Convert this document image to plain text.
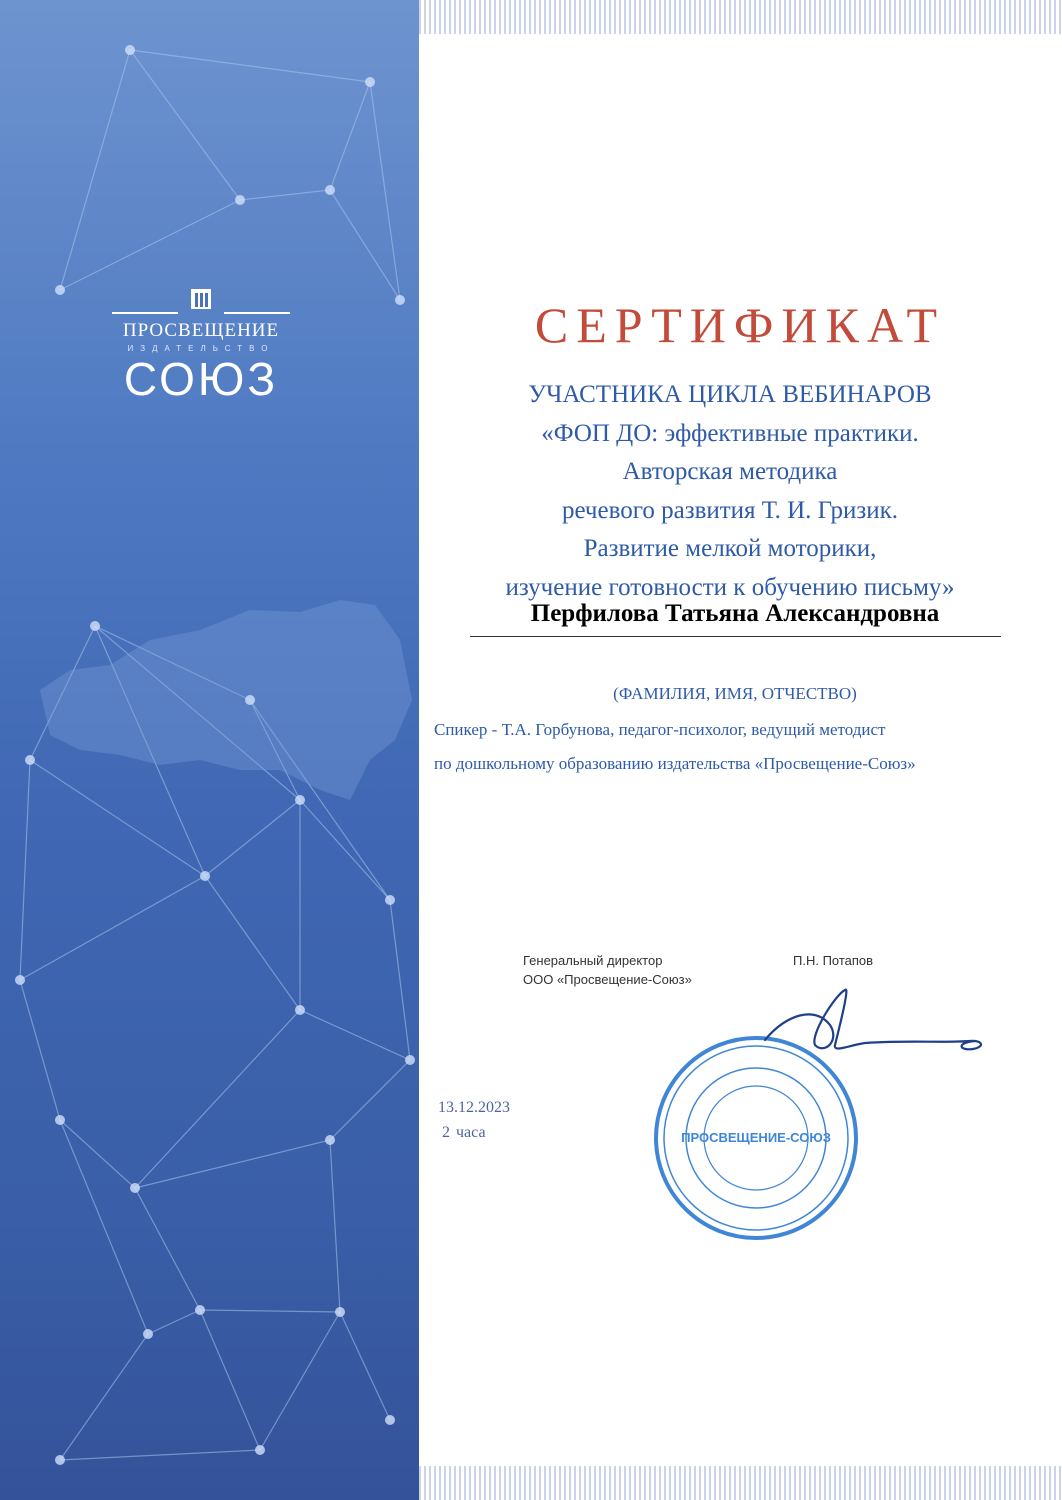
ПРОСВЕЩЕНИЕ
ИЗДАТЕЛЬСТВО
СОЮЗ
СЕРТИФИКАТ
УЧАСТНИКА ЦИКЛА ВЕБИНАРОВ
«ФОП ДО: эффективные практики.
Авторская методика
речевого развития Т. И. Гризик.
Развитие мелкой моторики,
изучение готовности к обучению письму»
Перфилова Татьяна Александровна
(ФАМИЛИЯ, ИМЯ, ОТЧЕСТВО)
Спикер - Т.А. Горбунова, педагог-психолог, ведущий методист
по дошкольному образованию издательства «Просвещение-Союз»
Генеральный директор
ООО «Просвещение-Союз»
П.Н. Потапов
ПРОСВЕЩЕНИЕ-СОЮЗ
13.12.2023
2 часа
